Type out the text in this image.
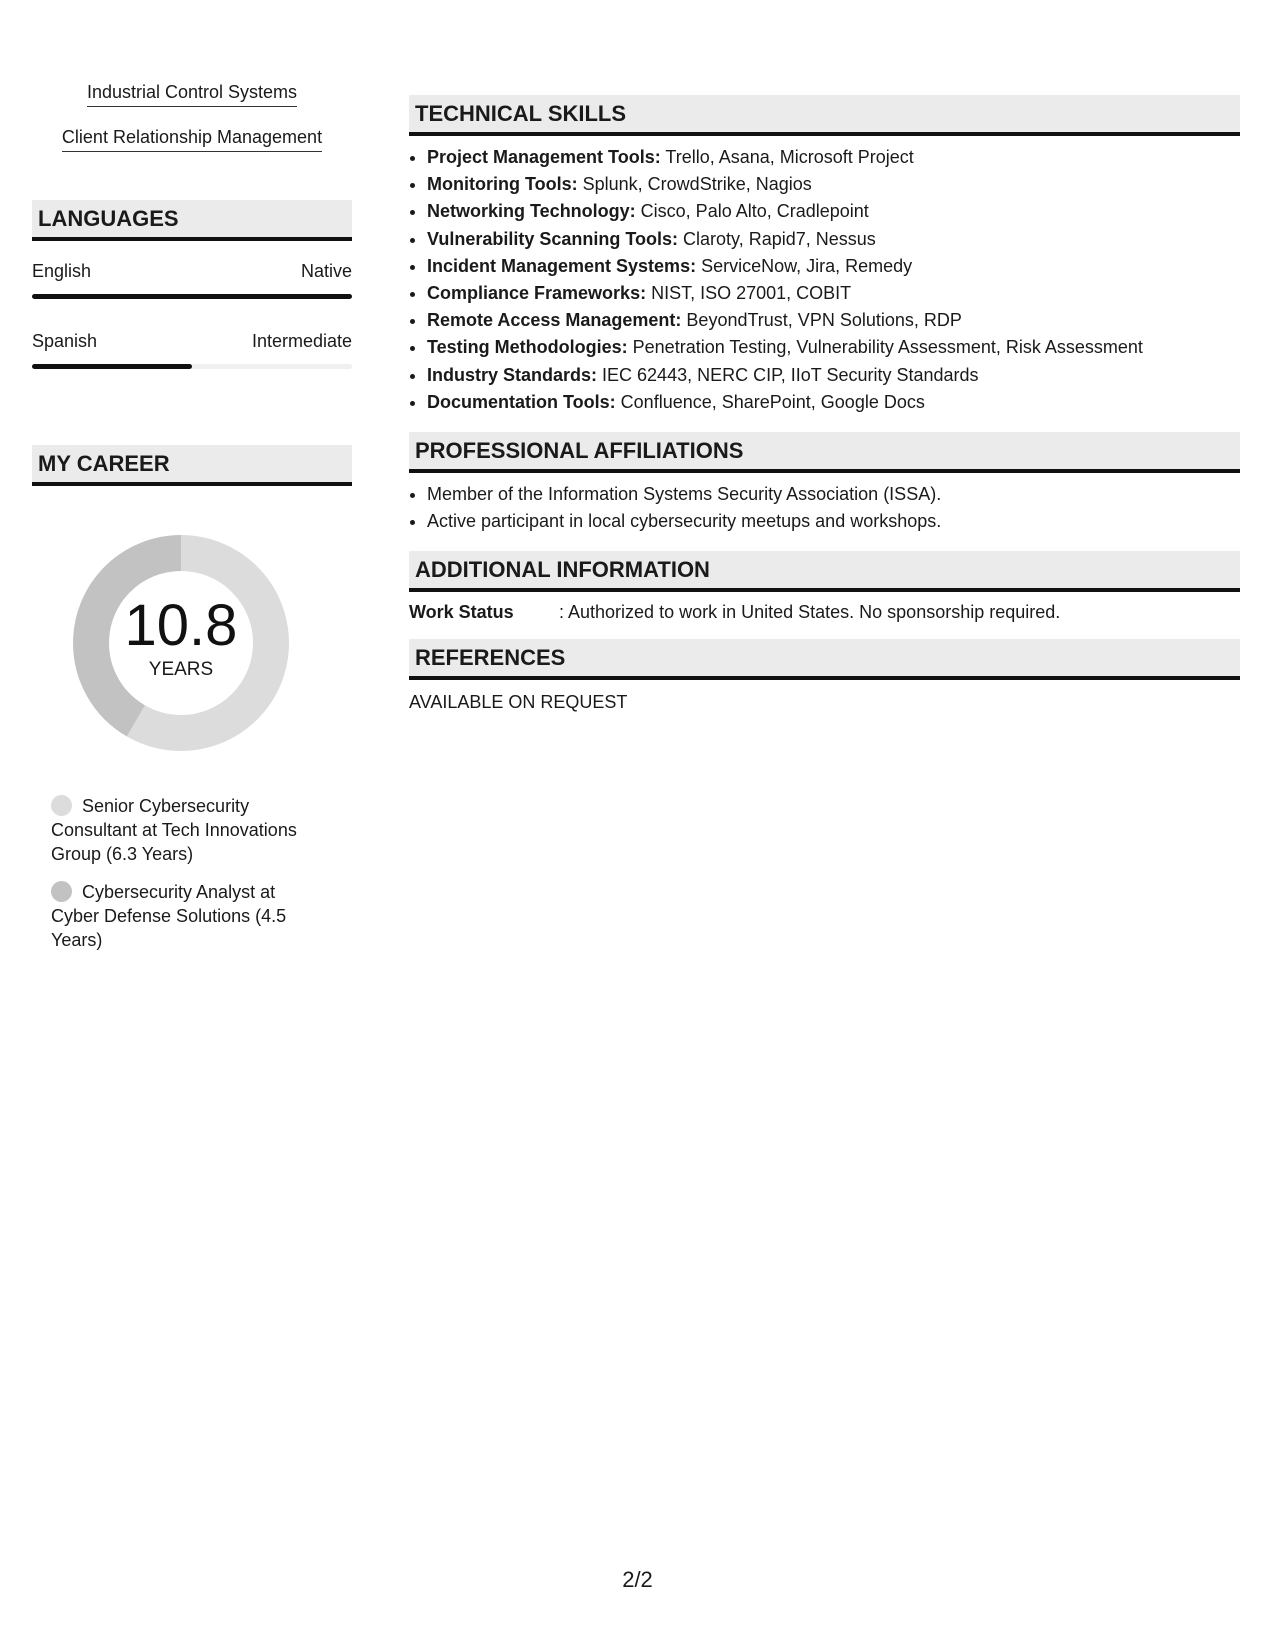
Industrial Control Systems
Client Relationship Management
LANGUAGES
English	Native
Spanish	Intermediate
MY CAREER
10.8
YEARS
Senior Cybersecurity Consultant at Tech Innovations Group (6.3 Years)
Cybersecurity Analyst at Cyber Defense Solutions (4.5 Years)
TECHNICAL SKILLS
• Project Management Tools: Trello, Asana, Microsoft Project
• Monitoring Tools: Splunk, CrowdStrike, Nagios
• Networking Technology: Cisco, Palo Alto, Cradlepoint
• Vulnerability Scanning Tools: Claroty, Rapid7, Nessus
• Incident Management Systems: ServiceNow, Jira, Remedy
• Compliance Frameworks: NIST, ISO 27001, COBIT
• Remote Access Management: BeyondTrust, VPN Solutions, RDP
• Testing Methodologies: Penetration Testing, Vulnerability Assessment, Risk Assessment
• Industry Standards: IEC 62443, NERC CIP, IIoT Security Standards
• Documentation Tools: Confluence, SharePoint, Google Docs
PROFESSIONAL AFFILIATIONS
• Member of the Information Systems Security Association (ISSA).
• Active participant in local cybersecurity meetups and workshops.
ADDITIONAL INFORMATION
Work Status	: Authorized to work in United States. No sponsorship required.
REFERENCES
AVAILABLE ON REQUEST
2/2
